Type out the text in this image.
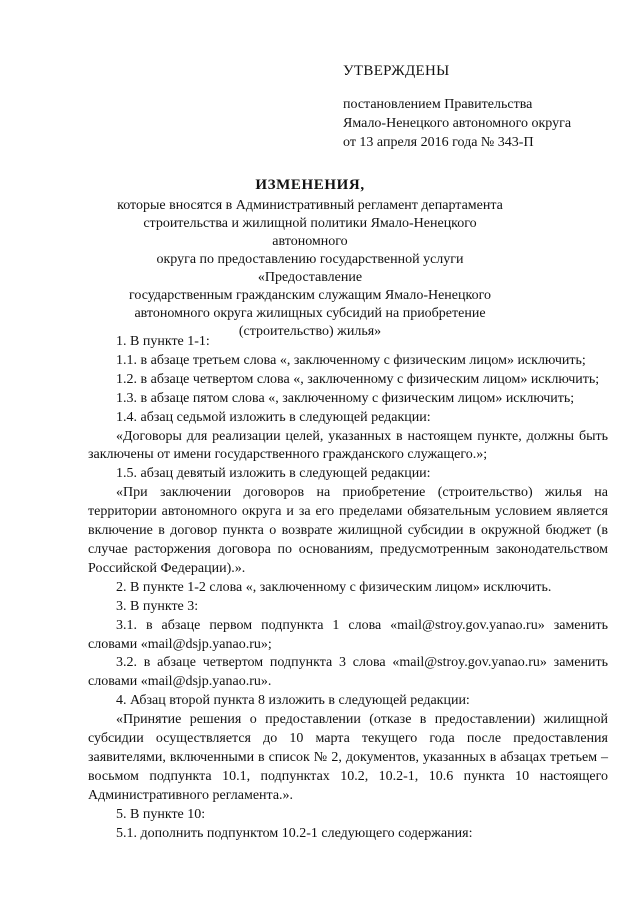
УТВЕРЖДЕНЫ
постановлением Правительства
Ямало-Ненецкого автономного округа
от 13 апреля 2016 года № 343-П
ИЗМЕНЕНИЯ,
которые вносятся в Административный регламент департамента
строительства и жилищной политики Ямало-Ненецкого автономного
округа по предоставлению государственной услуги «Предоставление
государственным гражданским служащим Ямало-Ненецкого
автономного округа жилищных субсидий на приобретение
(строительство) жилья»

1. В пункте 1-1:

1.1. в абзаце третьем слова «, заключенному с физическим лицом» исключить;

1.2. в абзаце четвертом слова «, заключенному с физическим лицом» исключить;

1.3. в абзаце пятом слова «, заключенному с физическим лицом» исключить;

1.4. абзац седьмой изложить в следующей редакции:

«Договоры для реализации целей, указанных в настоящем пункте, должны быть заключены от имени государственного гражданского служащего.»;

1.5. абзац девятый изложить в следующей редакции:

«При заключении договоров на приобретение (строительство) жилья на территории автономного округа и за его пределами обязательным условием является включение в договор пункта о возврате жилищной субсидии в окружной бюджет (в случае расторжения договора по основаниям, предусмотренным законодательством Российской Федерации).».

2. В пункте 1-2 слова «, заключенному с физическим лицом» исключить.

3. В пункте 3:

3.1. в абзаце первом подпункта 1 слова «mail@stroy.gov.yanao.ru» заменить словами «mail@dsjp.yanao.ru»;

3.2. в абзаце четвертом подпункта 3 слова «mail@stroy.gov.yanao.ru» заменить словами «mail@dsjp.yanao.ru».

4. Абзац второй пункта 8 изложить в следующей редакции:

«Принятие решения о предоставлении (отказе в предоставлении) жилищной субсидии осуществляется до 10 марта текущего года после предоставления заявителями, включенными в список № 2, документов, указанных в абзацах третьем – восьмом подпункта 10.1, подпунктах 10.2, 10.2-1, 10.6 пункта 10 настоящего Административного регламента.».

5. В пункте 10:

5.1. дополнить подпунктом 10.2-1 следующего содержания:
